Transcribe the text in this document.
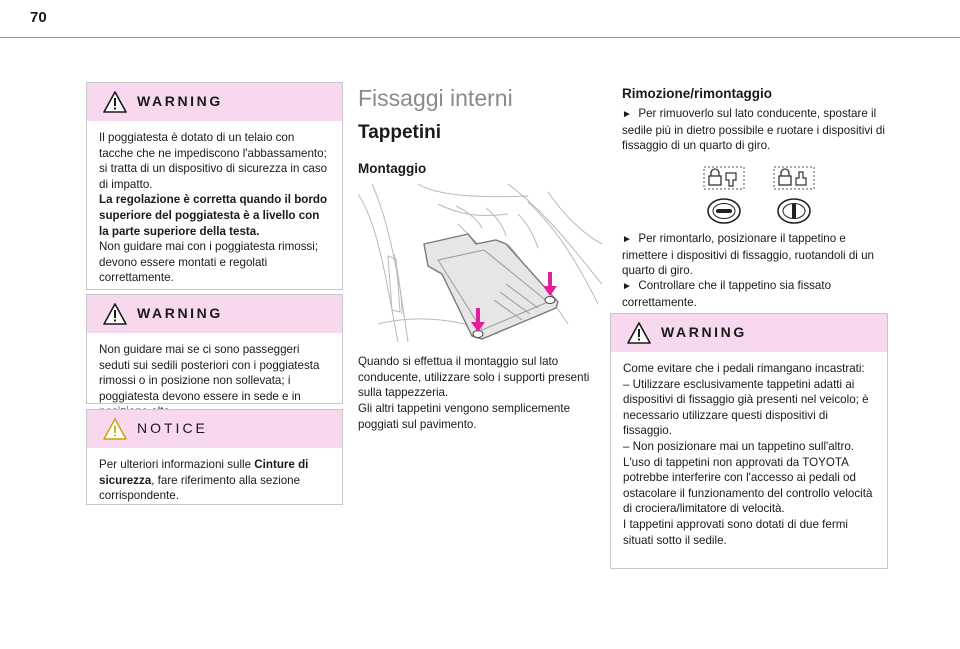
70
WARNING

Il poggiatesta è dotato di un telaio con tacche che ne impediscono l'abbassamento; si tratta di un dispositivo di sicurezza in caso di impatto.

La regolazione è corretta quando il bordo superiore del poggiatesta è a livello con la parte superiore della testa.

Non guidare mai con i poggiatesta rimossi; devono essere montati e regolati correttamente.

WARNING

Non guidare mai se ci sono passeggeri seduti sui sedili posteriori con i poggiatesta rimossi o in posizione non sollevata; i poggiatesta devono essere in sede e in

NOTICE

Per ulteriori informazioni sulle Cinture di sicurezza, fare riferimento alla sezione corrispondente.

Fissaggi interni
Tappetini
Montaggio

Quando si effettua il montaggio sul lato conducente, utilizzare solo i supporti presenti sulla tappezzeria.

Gli altri tappetini vengono semplicemente poggiati sul pavimento.

Rimozione/rimontaggio

► Per rimuoverlo sul lato conducente, spostare il sedile più in dietro possibile e ruotare i dispositivi di fissaggio di un quarto di giro.

► Per rimontarlo, posizionare il tappetino e rimettere i dispositivi di fissaggio, ruotandoli di un quarto di giro.

► Controllare che il tappetino sia fissato correttamente.

WARNING

Come evitare che i pedali rimangano incastrati:

– Utilizzare esclusivamente tappetini adatti ai dispositivi di fissaggio già presenti nel veicolo; è necessario utilizzare questi dispositivi di fissaggio.

– Non posizionare mai un tappetino sull'altro.

L'uso di tappetini non approvati da TOYOTA potrebbe interferire con l'accesso ai pedali od ostacolare il funzionamento del controllo velocità di crociera/limitatore di velocità.

I tappetini approvati sono dotati di due fermi situati sotto il sedile.
